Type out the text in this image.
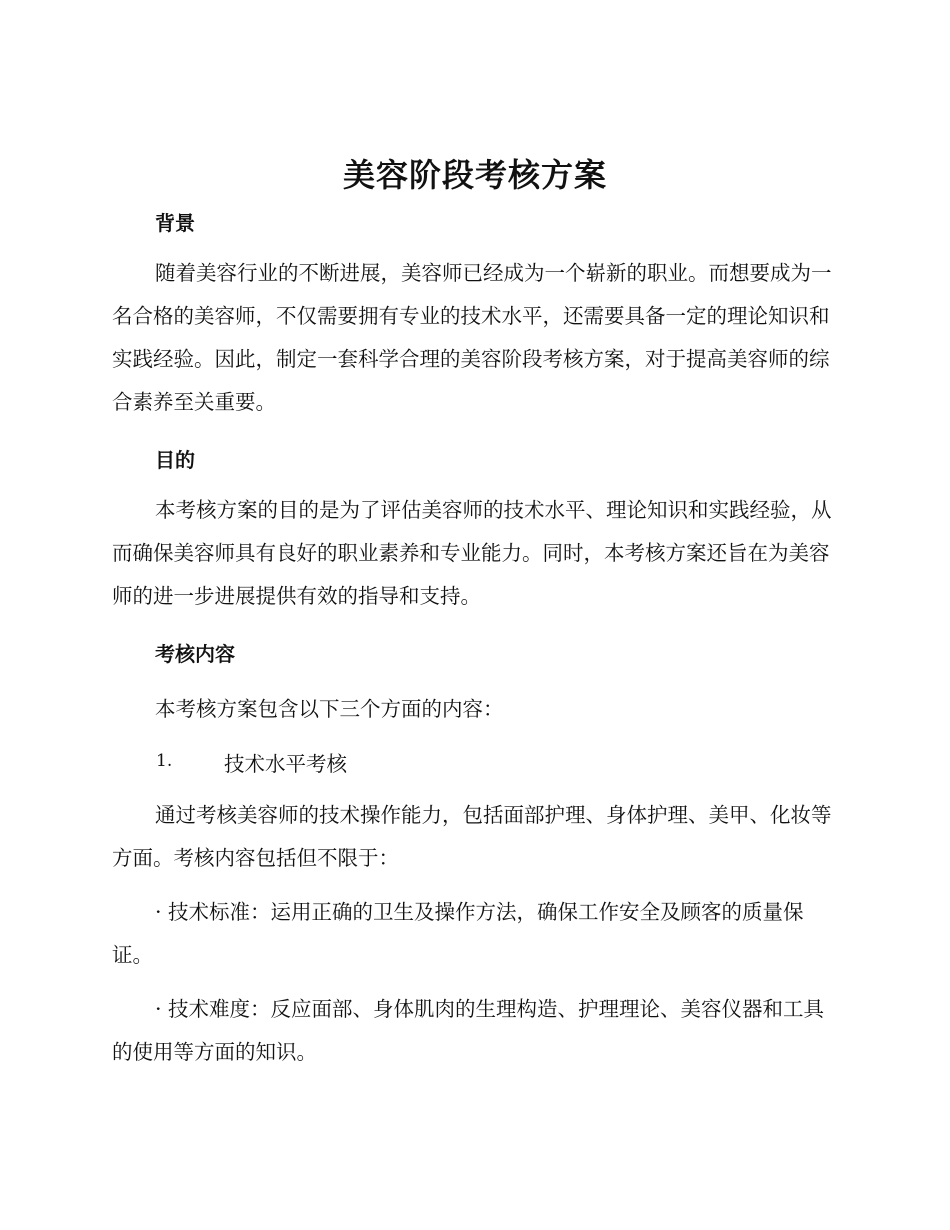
美容阶段考核方案
背景

随着美容行业的不断进展，美容师已经成为一个崭新的职业。而想要成为一名合格的美容师，不仅需要拥有专业的技术水平，还需要具备一定的理论知识和实践经验。因此，制定一套科学合理的美容阶段考核方案，对于提高美容师的综合素养至关重要。

目的

本考核方案的目的是为了评估美容师的技术水平、理论知识和实践经验，从而确保美容师具有良好的职业素养和专业能力。同时，本考核方案还旨在为美容师的进一步进展提供有效的指导和支持。

考核内容

本考核方案包含以下三个方面的内容：

1.	技术水平考核

通过考核美容师的技术操作能力，包括面部护理、身体护理、美甲、化妆等方面。考核内容包括但不限于：

· 技术标准：运用正确的卫生及操作方法，确保工作安全及顾客的质量保证。

· 技术难度：反应面部、身体肌肉的生理构造、护理理论、美容仪器和工具的使用等方面的知识。
